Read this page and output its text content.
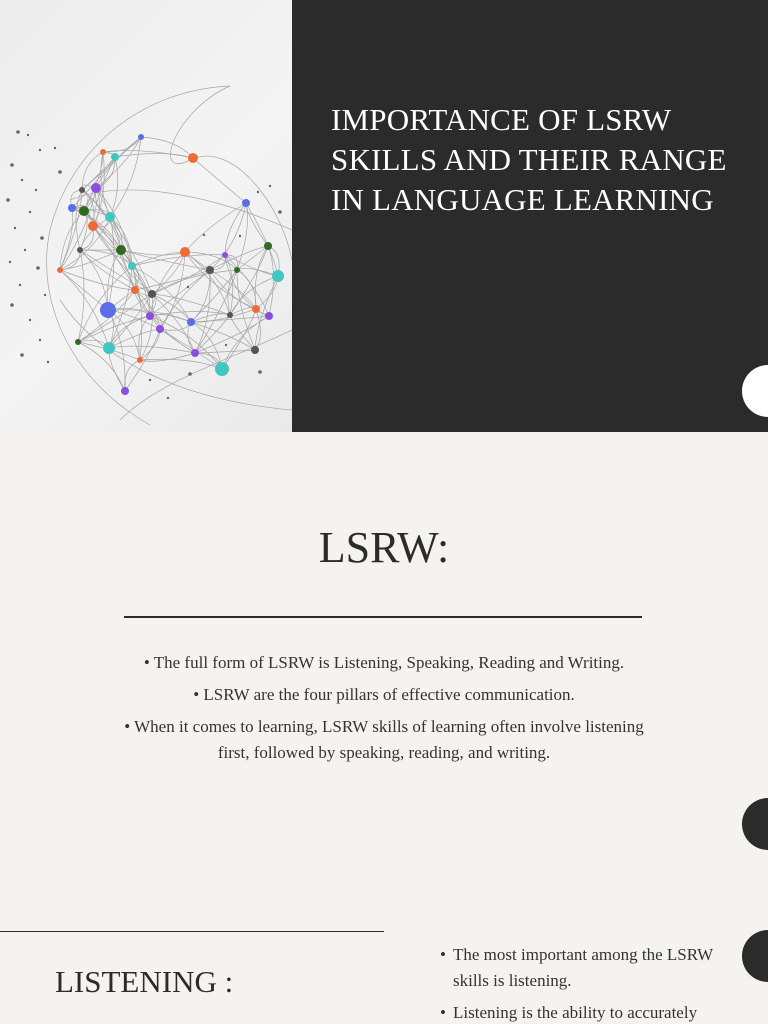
IMPORTANCE OF LSRW SKILLS AND THEIR RANGE IN LANGUAGE LEARNING
LSRW:
• The full form of LSRW is Listening, Speaking, Reading and Writing.
• LSRW are the four pillars of effective communication.
• When it comes to learning, LSRW skills of learning often involve listening first, followed by speaking, reading, and writing.
LISTENING :
• The most important among the LSRW skills is listening.
• Listening is the ability to accurately
